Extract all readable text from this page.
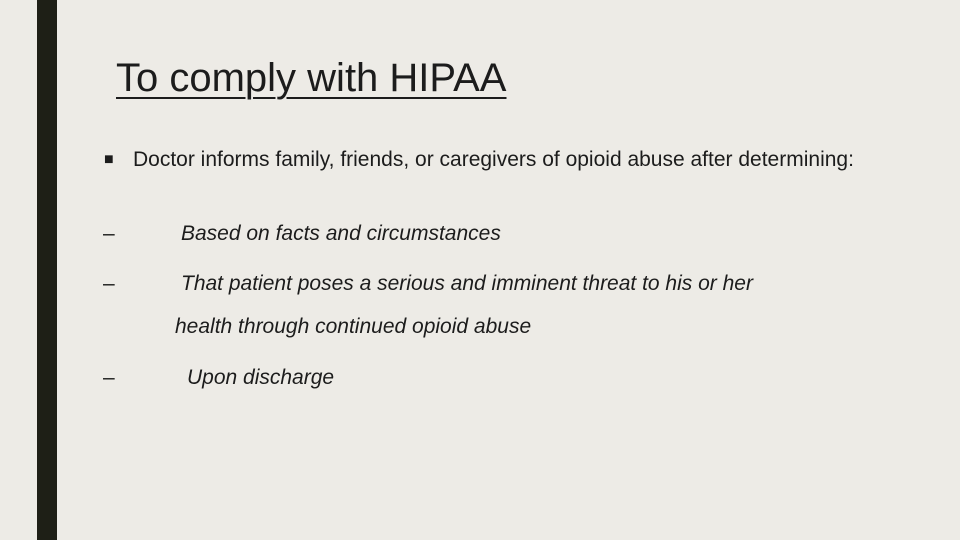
To comply with HIPAA
■ Doctor informs family, friends, or caregivers of opioid abuse after determining:
–	Based on facts and circumstances
–	That patient poses a serious and imminent threat to his or her
health through continued opioid abuse
–	Upon discharge
